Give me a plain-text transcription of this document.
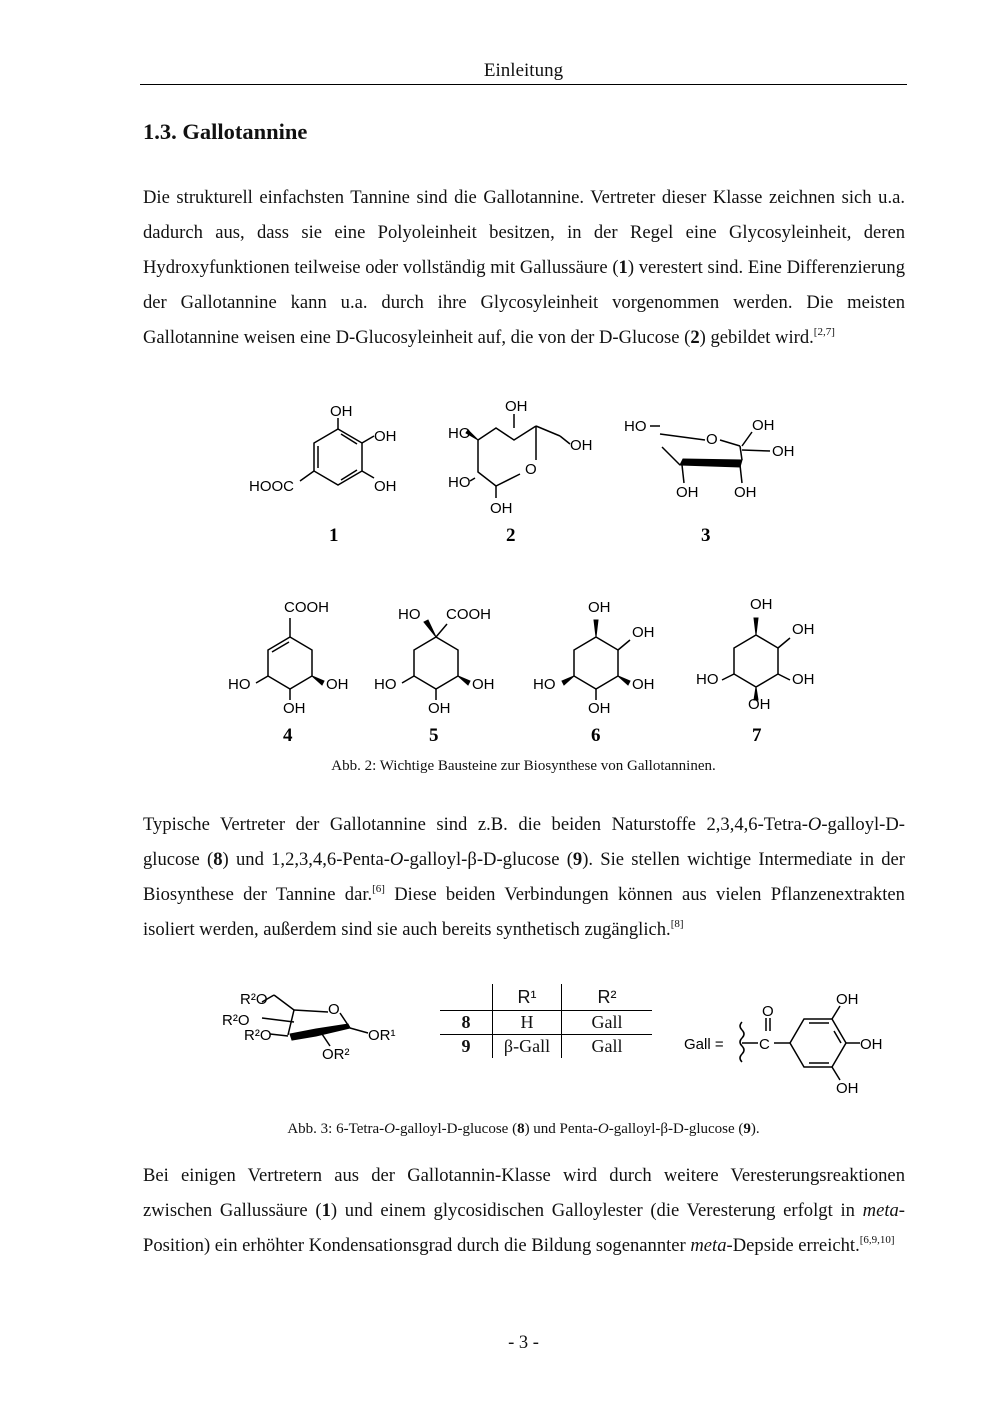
Einleitung
1.3. Gallotannine

Die strukturell einfachsten Tannine sind die Gallotannine. Vertreter dieser Klasse zeichnen sich u.a. dadurch aus, dass sie eine Polyoleinheit besitzen, in der Regel eine Glycosyleinheit, deren Hydroxyfunktionen teilweise oder vollständig mit Gallussäure (1) verestert sind. Eine Differenzierung der Gallotannine kann u.a. durch ihre Glycosyleinheit vorgenommen werden. Die meisten Gallotannine weisen eine D-Glucosyleinheit auf, die von der D-Glucose (2) gebildet wird.[2,7]

OH
OH
OH
HOOC
OH
HO
OH
O
HO
OH
HO
O
OH
OH
OH OH
1	2	3
COOH
HO	OH
OH
HO COOH
HO	OH
OH
OH
OH
HO	OH
OH
OH
OH
HO	OH
OH
4	5	6	7
R²O
R²O
R²O
O
OR¹
OR²
Gall = C
O
OH
OH
OH
Abb. 2: Wichtige Bausteine zur Biosynthese von Gallotanninen.

Typische Vertreter der Gallotannine sind z.B. die beiden Naturstoffe 2,3,4,6-Tetra-O-galloyl-D-glucose (8) und 1,2,3,4,6-Penta-O-galloyl-β-D-glucose (9). Sie stellen wichtige Intermediate in der Biosynthese der Tannine dar.[6] Diese beiden Verbindungen können aus vielen Pflanzenextrakten isoliert werden, außerdem sind sie auch bereits synthetisch zugänglich.[8]

	R¹	R²
8	H	Gall
9	β-Gall	Gall
Abb. 3: 6-Tetra-O-galloyl-D-glucose (8) und Penta-O-galloyl-β-D-glucose (9).

Bei einigen Vertretern aus der Gallotannin-Klasse wird durch weitere Veresterungsreaktionen zwischen Gallussäure (1) und einem glycosidischen Galloylester (die Veresterung erfolgt in meta-Position) ein erhöhter Kondensationsgrad durch die Bildung sogenannter meta-Depside erreicht.[6,9,10]

- 3 -
